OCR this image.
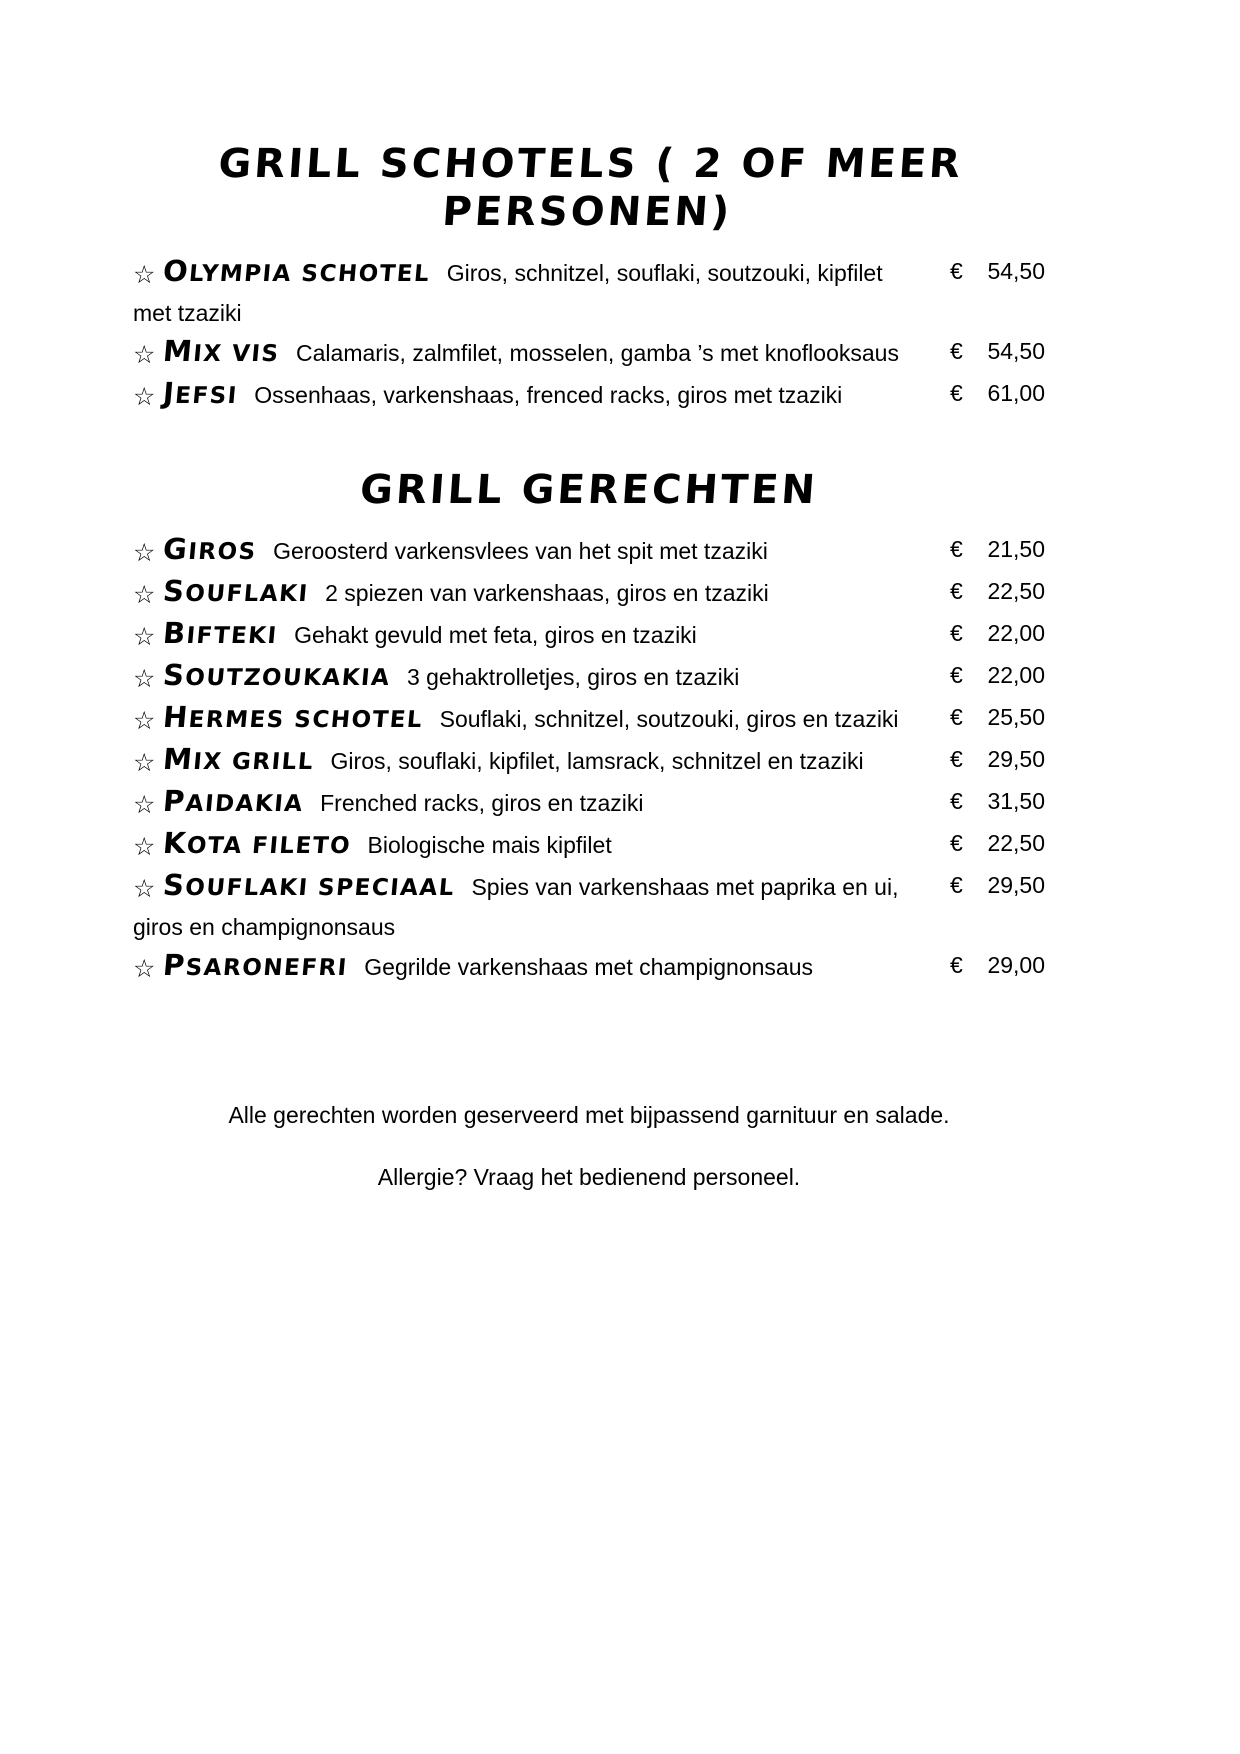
GRILL SCHOTELS ( 2 OF MEER PERSONEN)
☆ OLYMPIA SCHOTEL Giros, schnitzel, souflaki, soutzouki, kipfilet met tzaziki
€ 54,50
☆ MIX VIS Calamaris, zalmfilet, mosselen, gamba ’s met knoflooksaus € 54,50
☆ JEFSI Ossenhaas, varkenshaas, frenced racks, giros met tzaziki	€ 61,00
GRILL GERECHTEN
☆ GIROS Geroosterd varkensvlees van het spit met tzaziki	€ 21,50
☆ SOUFLAKI 2 spiezen van varkenshaas, giros en tzaziki	€ 22,50
☆ BIFTEKI Gehakt gevuld met feta, giros en tzaziki	€ 22,00
☆ SOUTZOUKAKIA 3 gehaktrolletjes, giros en tzaziki	€ 22,00
☆ HERMES SCHOTEL Souflaki, schnitzel, soutzouki, giros en tzaziki € 25,50
☆ MIX GRILL Giros, souflaki, kipfilet, lamsrack, schnitzel en tzaziki	€ 29,50
☆ PAIDAKIA Frenched racks, giros en tzaziki	€ 31,50
☆ KOTA FILETO Biologische mais kipfilet	€ 22,50
☆ SOUFLAKI SPECIAAL Spies van varkenshaas met paprika en ui, giros en champignonsaus
€ 29,50
☆ PSARONEFRI Gegrilde varkenshaas met champignonsaus	€ 29,00

Alle gerechten worden geserveerd met bijpassend garnituur en salade.

Allergie? Vraag het bedienend personeel.
